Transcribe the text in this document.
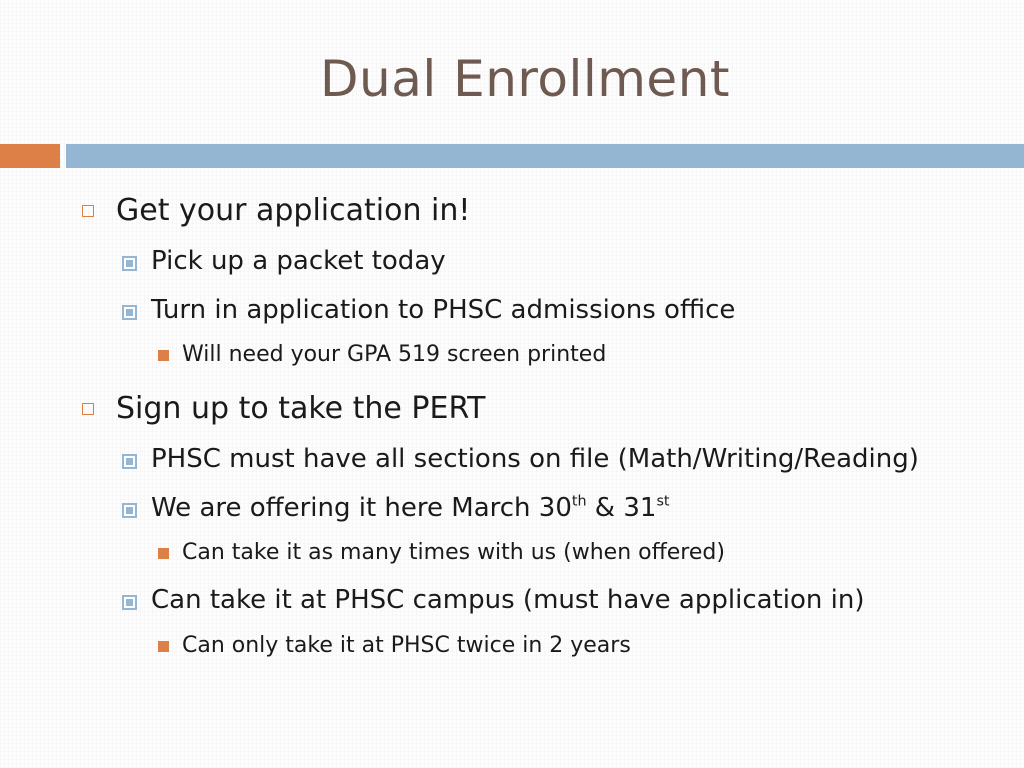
Dual Enrollment
Get your application in!
Pick up a packet today
Turn in application to PHSC admissions office
Will need your GPA 519 screen printed
Sign up to take the PERT
PHSC must have all sections on file (Math/Writing/Reading)
We are offering it here March 30th & 31st
Can take it as many times with us (when offered)
Can take it at PHSC campus (must have application in)
Can only take it at PHSC twice in 2 years
